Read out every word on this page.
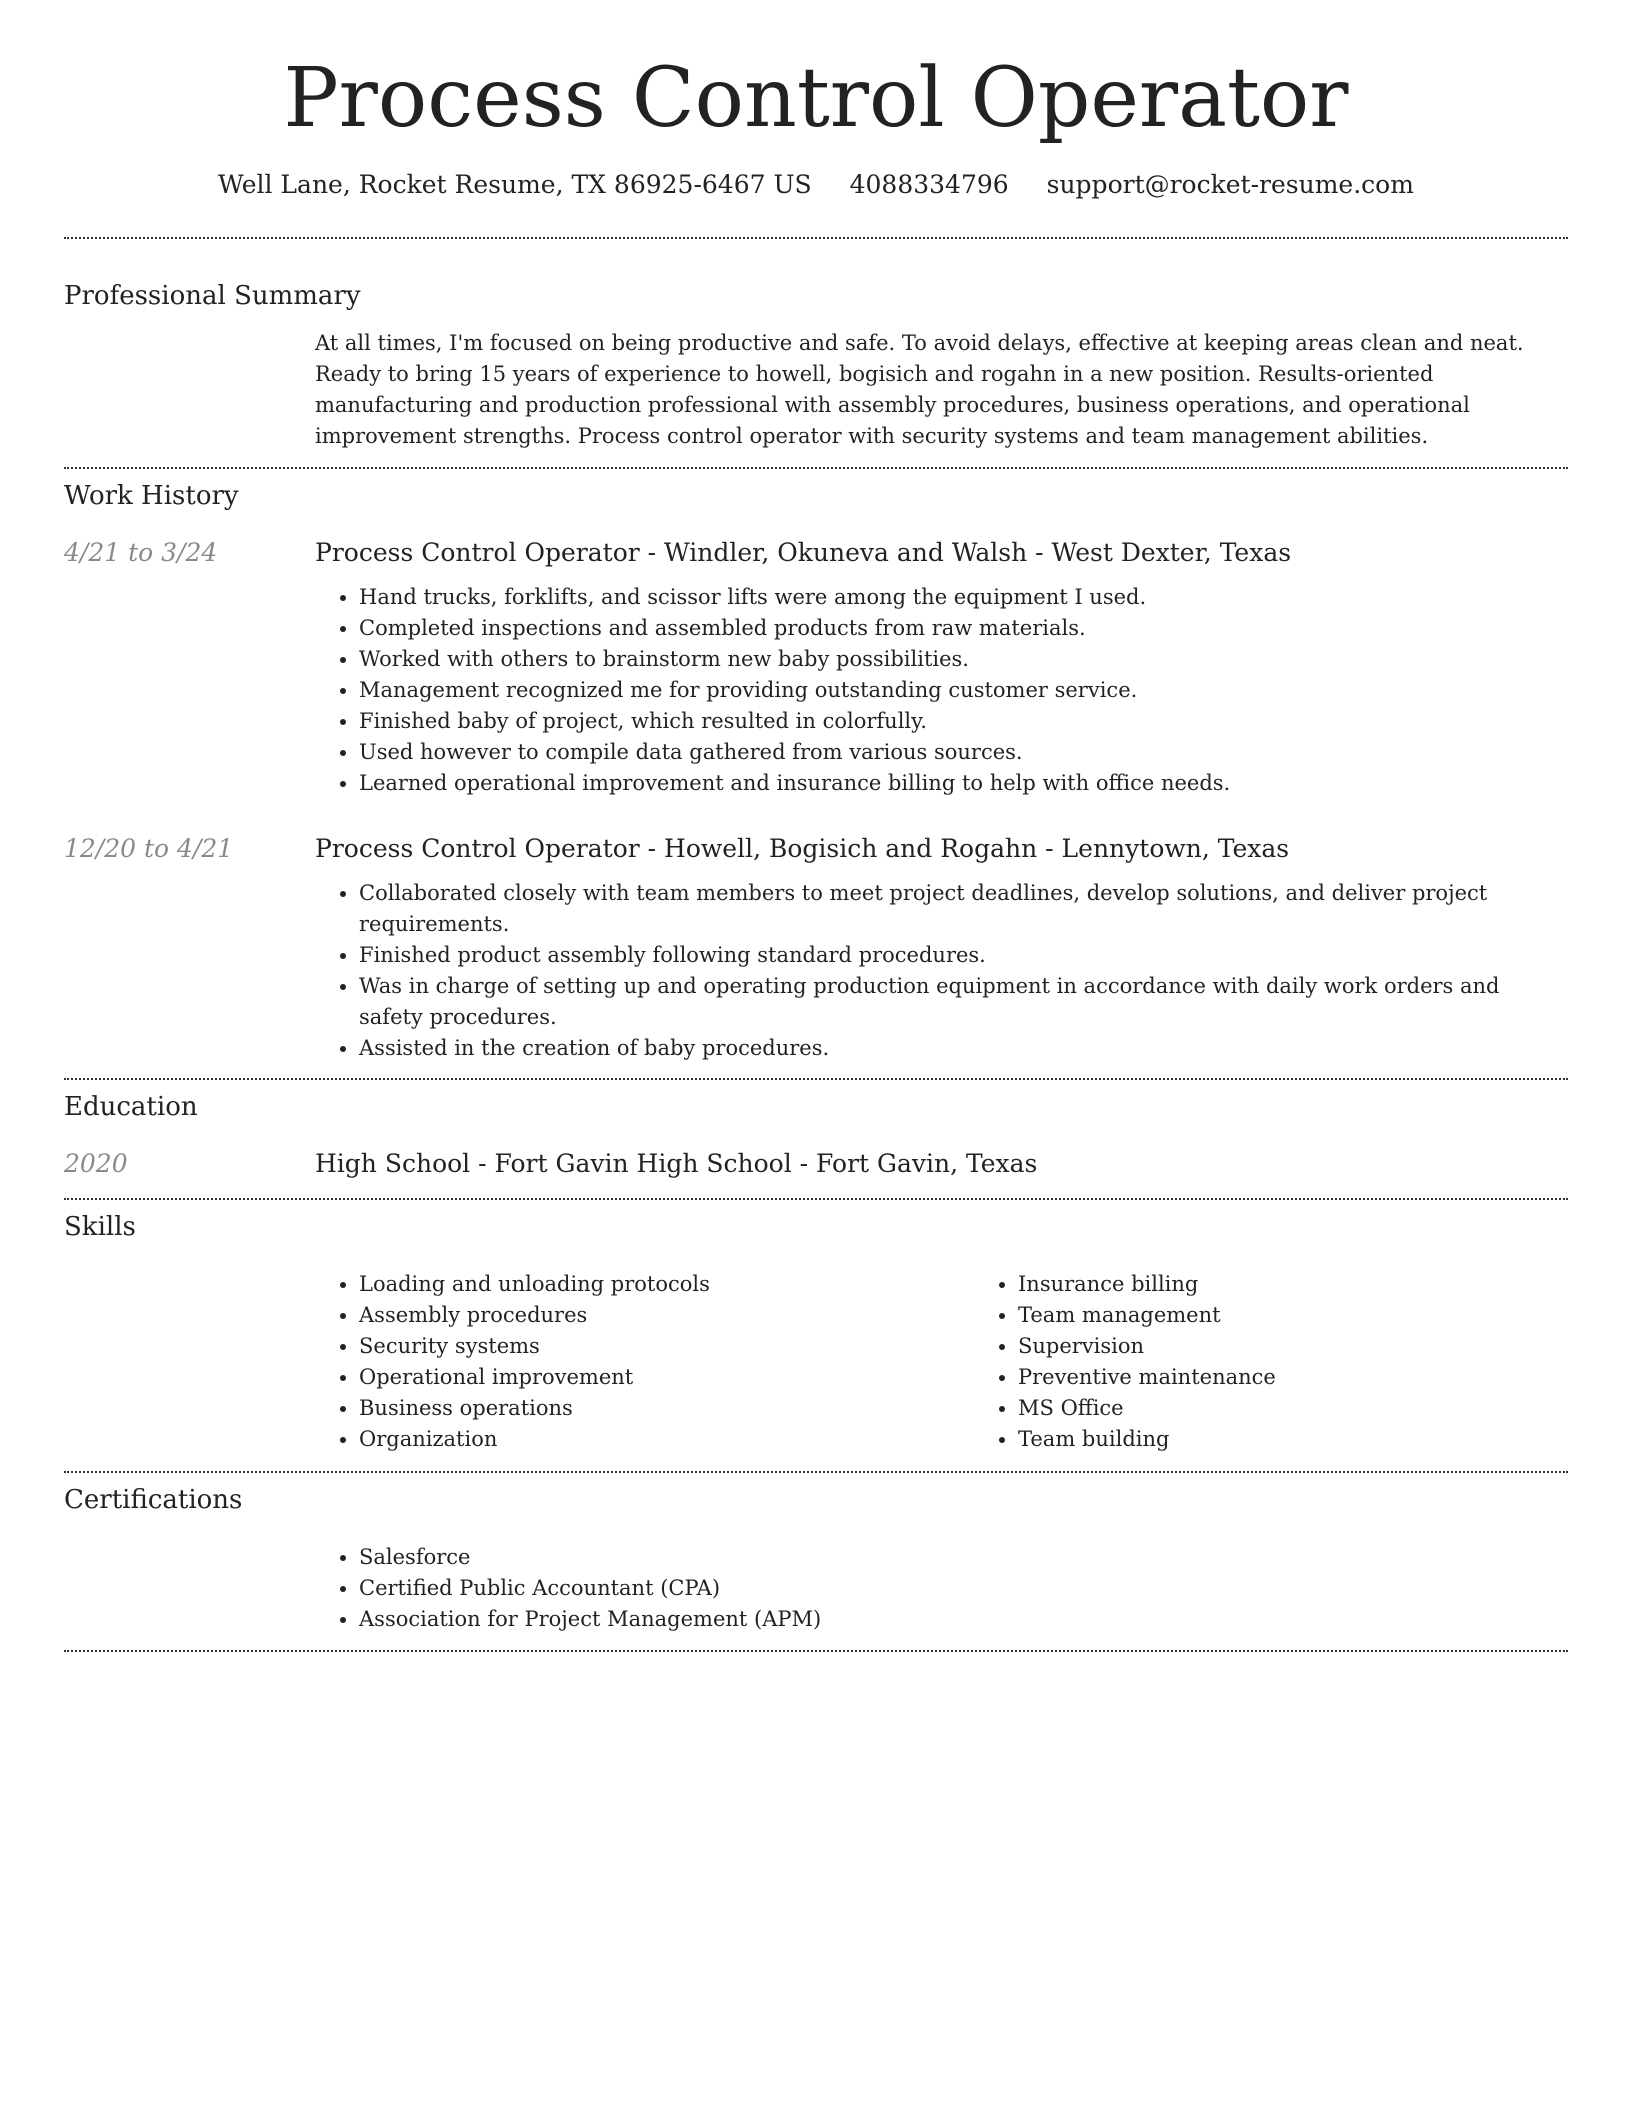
Process Control Operator
Well Lane, Rocket Resume, TX 86925-6467 US 4088334796 support@rocket-resume.com
Professional Summary
At all times, I'm focused on being productive and safe. To avoid delays, effective at keeping areas clean and neat. Ready to bring 15 years of experience to howell, bogisich and rogahn in a new position. Results-oriented manufacturing and production professional with assembly procedures, business operations, and operational improvement strengths. Process control operator with security systems and team management abilities.
Work History
4/21 to 3/24	Process Control Operator - Windler, Okuneva and Walsh - West Dexter, Texas
• Hand trucks, forklifts, and scissor lifts were among the equipment I used.
• Completed inspections and assembled products from raw materials.
• Worked with others to brainstorm new baby possibilities.
• Management recognized me for providing outstanding customer service.
• Finished baby of project, which resulted in colorfully.
• Used however to compile data gathered from various sources.
• Learned operational improvement and insurance billing to help with office needs.
12/20 to 4/21	Process Control Operator - Howell, Bogisich and Rogahn - Lennytown, Texas
• Collaborated closely with team members to meet project deadlines, develop solutions, and deliver project requirements.
• Finished product assembly following standard procedures.
• Was in charge of setting up and operating production equipment in accordance with daily work orders and safety procedures.
• Assisted in the creation of baby procedures.
Education
2020	High School - Fort Gavin High School - Fort Gavin, Texas
Skills
• Loading and unloading protocols
• Assembly procedures
• Security systems
• Operational improvement
• Business operations
• Organization
• Insurance billing
• Team management
• Supervision
• Preventive maintenance
• MS Office
• Team building
Certifications
• Salesforce
• Certified Public Accountant (CPA)
• Association for Project Management (APM)
